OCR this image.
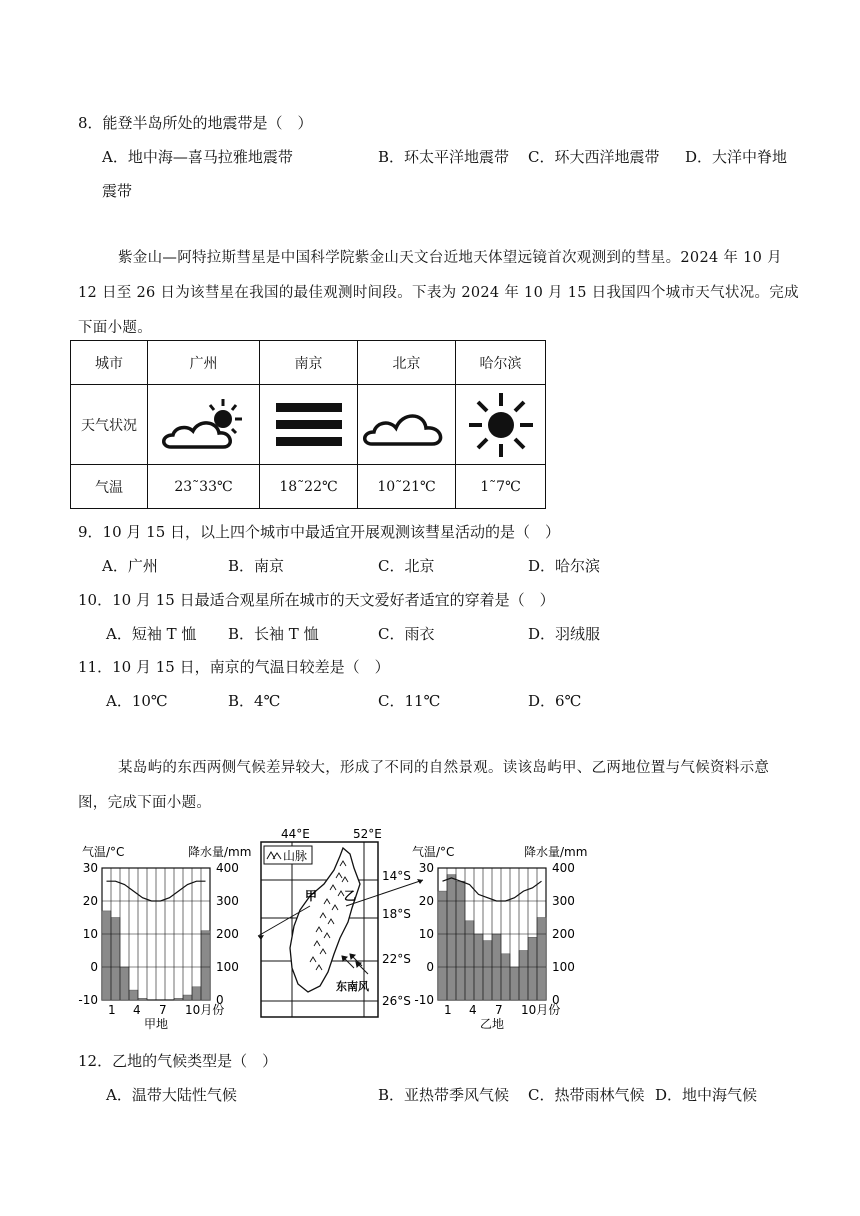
8．能登半岛所处的地震带是（　）
A．地中海—喜马拉雅地震带	B．环太平洋地震带 C．环大西洋地震带 D．大洋中脊地
震带
紫金山—阿特拉斯彗星是中国科学院紫金山天文台近地天体望远镜首次观测到的彗星。2024 年 10 月
12 日至 26 日为该彗星在我国的最佳观测时间段。下表为 2024 年 10 月 15 日我国四个城市天气状况。完成
下面小题。
城市	广州	南京	北京	哈尔滨
天气状况	

气温	23˜33℃	18˜22℃	10˜21℃	1˜7℃
9．10 月 15 日，以上四个城市中最适宜开展观测该彗星活动的是（　）
A．广州	B．南京	C．北京	D．哈尔滨
10．10 月 15 日最适合观星所在城市的天文爱好者适宜的穿着是（　）
A．短袖 T 恤 B．长袖 T 恤	C．雨衣	D．羽绒服
11．10 月 15 日，南京的气温日较差是（　）
A．10℃	B．4℃	C．11℃	D．6℃
某岛屿的东西两侧气候差异较大，形成了不同的自然景观。读该岛屿甲、乙两地位置与气候资料示意
图，完成下面小题。
气温/°C	降水量/mm
30
20
10
0
-10
400
300
200
100
0
1 4 7 10月份
甲地
44°E	52°E
14°S
18°S
22°S
26°S
山脉
甲 乙
东南风
气温/°C	降水量/mm
30
20
10
0
-10
400
300
200
100
0
1 4 7 10月份
乙地
12．乙地的气候类型是（　）
A．温带大陆性气候	B．亚热带季风气候 C．热带雨林气候 D．地中海气候
